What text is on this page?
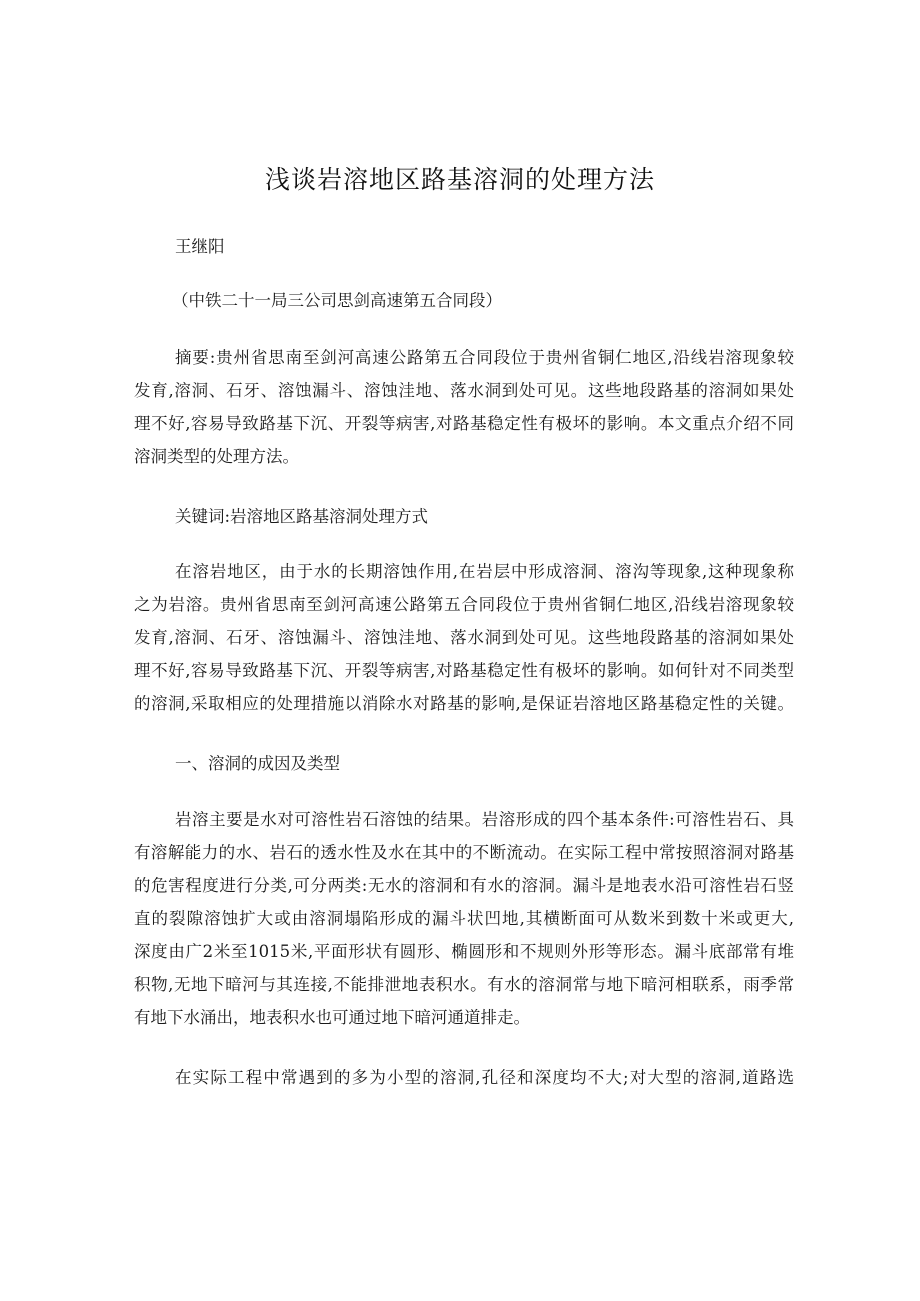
浅谈岩溶地区路基溶洞的处理方法
王继阳
（中铁二十一局三公司思剑高速第五合同段）
摘要:贵州省思南至剑河高速公路第五合同段位于贵州省铜仁地区,沿线岩溶现象较
发育,溶洞、石牙、溶蚀漏斗、溶蚀洼地、落水洞到处可见。这些地段路基的溶洞如果处
理不好,容易导致路基下沉、开裂等病害,对路基稳定性有极坏的影响。本文重点介绍不同
溶洞类型的处理方法。
关键词:岩溶地区路基溶洞处理方式
在溶岩地区，由于水的长期溶蚀作用,在岩层中形成溶洞、溶沟等现象,这种现象称
之为岩溶。贵州省思南至剑河高速公路第五合同段位于贵州省铜仁地区,沿线岩溶现象较
发育,溶洞、石牙、溶蚀漏斗、溶蚀洼地、落水洞到处可见。这些地段路基的溶洞如果处
理不好,容易导致路基下沉、开裂等病害,对路基稳定性有极坏的影响。如何针对不同类型
的溶洞,采取相应的处理措施以消除水对路基的影响,是保证岩溶地区路基稳定性的关键。
一、溶洞的成因及类型
岩溶主要是水对可溶性岩石溶蚀的结果。岩溶形成的四个基本条件:可溶性岩石、具
有溶解能力的水、岩石的透水性及水在其中的不断流动。在实际工程中常按照溶洞对路基
的危害程度进行分类,可分两类:无水的溶洞和有水的溶洞。漏斗是地表水沿可溶性岩石竖
直的裂隙溶蚀扩大或由溶洞塌陷形成的漏斗状凹地,其横断面可从数米到数十米或更大,
深度由广2米至1015米,平面形状有圆形、椭圆形和不规则外形等形态。漏斗底部常有堆
积物,无地下暗河与其连接,不能排泄地表积水。有水的溶洞常与地下暗河相联系，雨季常
有地下水涌出，地表积水也可通过地下暗河通道排走。
在实际工程中常遇到的多为小型的溶洞,孔径和深度均不大;对大型的溶洞,道路选
